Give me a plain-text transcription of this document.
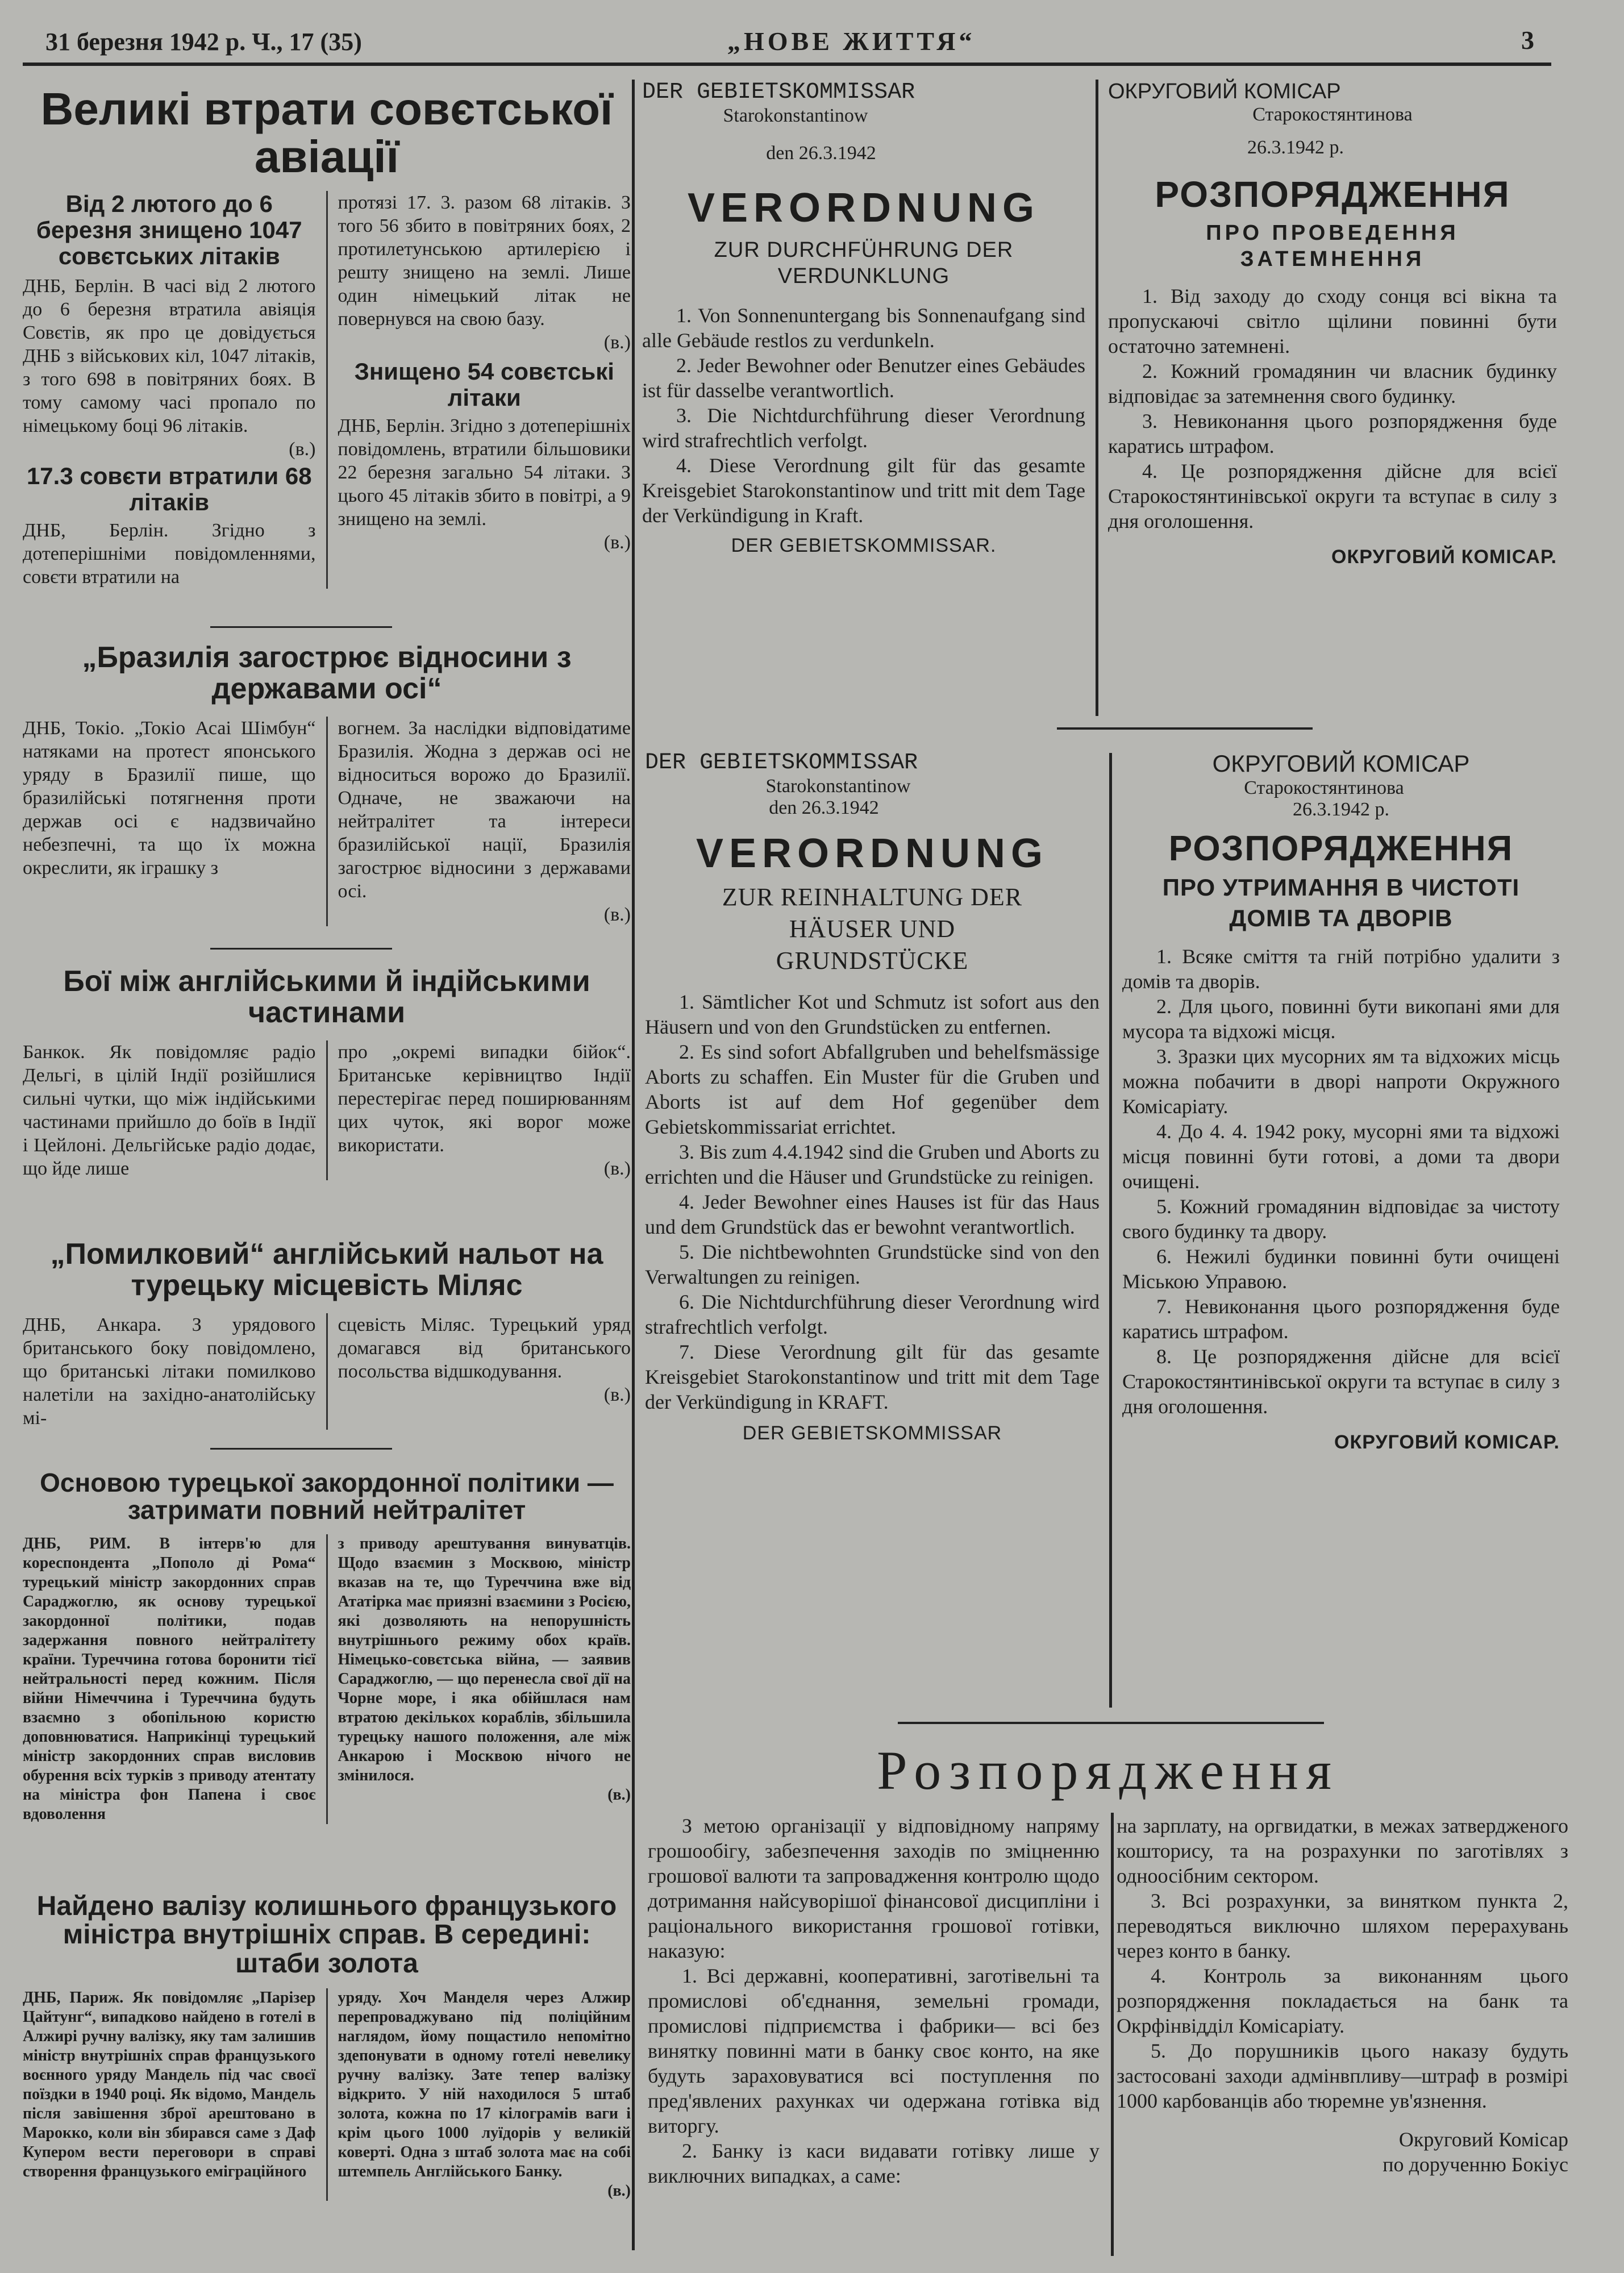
31 березня 1942 р. Ч., 17 (35)	„НОВЕ ЖИТТЯ“	3
Великі втрати совєтської авіації
Від 2 лютого до 6 березня знищено 1047 совєтських літаків

ДНБ, Берлін. В часі від 2 лютого до 6 березня втратила авіяція Совєтів, як про це довідується ДНБ з військових кіл, 1047 літаків, з того 698 в повітряних боях. В тому самому часі пропало по німецькому боці 96 літаків.

(в.)

17.3 совєти втратили 68 літаків

ДНБ, Берлін. Згідно з дотеперішніми повідомленнями, совєти втратили на

протязі 17. 3. разом 68 літаків. З того 56 збито в повітряних боях, 2 протилетунською артилерією і решту знищено на землі. Лише один німецький літак не повернувся на свою базу.

(в.)

Знищено 54 совєтські літаки

ДНБ, Берлін. Згідно з дотеперішніх повідомлень, втратили більшовики 22 березня загально 54 літаки. З цього 45 літаків збито в повітрі, а 9 знищено на землі.

(в.)

„Бразилія загострює відносини з державами осі“

ДНБ, Токіо. „Токіо Асаі Шімбун“ натяками на протест японського уряду в Бразилії пише, що бразилійські потягнення проти держав осі є надзвичайно небезпечні, та що їх можна окреслити, як іграшку з

вогнем. За наслідки відповідатиме Бразилія. Жодна з держав осі не відноситься ворожо до Бразилії. Одначе, не зважаючи на нейтралітет та інтереси бразилійської нації, Бразилія загострює відносини з державами осі.

(в.)

Бої між англійськими й індійськими частинами

Банкок. Як повідомляє радіо Дельгі, в цілій Індії розійшлися сильні чутки, що між індійськими частинами прийшло до боїв в Індії і Цейлоні. Дельгійське радіо додає, що йде лише

про „окремі випадки бійок“. Британське керівництво Індії перестерігає перед поширюванням цих чуток, які ворог може використати.

(в.)

„Помилковий“ англійський нальот на турецьку місцевість Міляс

ДНБ, Анкара. З урядового британського боку повідомлено, що британські літаки помилково налетіли на західно-анатолійську мі-

сцевість Міляс. Турецький уряд домагався від британського посольства відшкодування.

(в.)

Основою турецької закордонної політики — затримати повний нейтралітет

ДНБ, РИМ. В інтерв'ю для кореспондента „Пополо ді Рома“ турецький міністр закордонних справ Сараджоглю, як основу турецької закордонної політики, подав задержання повного нейтралітету країни. Туреччина готова боронити тієї нейтральності перед кожним. Після війни Німеччина і Туреччина будуть взаємно з обопільною користю доповнюватися. Наприкінці турецький міністр закордонних справ висловив обурення всіх турків з приводу атентату на міністра фон Папена і своє вдоволення

з приводу арештування винуватців. Щодо взаємин з Москвою, міністр вказав на те, що Туреччина вже від Ататірка має приязні взаємини з Росією, які дозволяють на непорушність внутрішнього режиму обох країв. Німецько-совєтська війна, — заявив Сараджоглю, — що перенесла свої дії на Чорне море, і яка обійшлася нам втратою декількох кораблів, збільшила турецьку нашого положення, але між Анкарою і Москвою нічого не змінилося.

(в.)

Найдено валізу колишнього французького міністра внутрішніх справ. В середині: штаби золота

ДНБ, Париж. Як повідомляє „Парізер Цайтунг“, випадково найдено в готелі в Алжирі ручну валізку, яку там залишив міністр внутрішніх справ французького воєнного уряду Мандель під час своєї поїздки в 1940 році. Як відомо, Мандель після завішення зброї арештовано в Марокко, коли він збирався саме з Даф Купером вести переговори в справі створення французького еміграційного

уряду. Хоч Манделя через Алжир перепроваджувано під поліційним наглядом, йому пощастило непомітно здепонувати в одному готелі невелику ручну валізку. Зате тепер валізку відкрито. У ній находилося 5 штаб золота, кожна по 17 кілограмів ваги і крім цього 1000 луїдорів у великій коверті. Одна з штаб золота має на собі штемпель Англійського Банку.

(в.)

DER GEBIETSKOMMISSAR
Starokonstantinow
den 26.3.1942
VERORDNUNG
ZUR DURCHFÜHRUNG DER VERDUNKLUNG

1. Von Sonnenuntergang bis Sonnenaufgang sind alle Gebäude restlos zu verdunkeln.

2. Jeder Bewohner oder Benutzer eines Gebäudes ist für dasselbe verantwortlich.

3. Die Nichtdurchführung dieser Verordnung wird strafrechtlich verfolgt.

4. Diese Verordnung gilt für das gesamte Kreisgebiet Starokonstantinow und tritt mit dem Tage der Verkündigung in Kraft.

DER GEBIETSKOMMISSAR.
ОКРУГОВИЙ КОМІСАР
Старокостянтинова
26.3.1942 р.
РОЗПОРЯДЖЕННЯ
ПРО ПРОВЕДЕННЯ ЗАТЕМНЕННЯ

1. Від заходу до сходу сонця всі вікна та пропускаючі світло щілини повинні бути остаточно затемнені.

2. Кожний громадянин чи власник будинку відповідає за затемнення свого будинку.

3. Невиконання цього розпорядження буде каратись штрафом.

4. Це розпорядження дійсне для всієї Старокостянтинівської округи та вступає в силу з дня оголошення.

ОКРУГОВИЙ КОМІСАР.
DER GEBIETSKOMMISSAR
Starokonstantinow
den 26.3.1942
VERORDNUNG
ZUR REINHALTUNG DER HÄUSER UND GRUNDSTÜCKE

1. Sämtlicher Kot und Schmutz ist sofort aus den Häusern und von den Grundstücken zu entfernen.

2. Es sind sofort Abfallgruben und behelfsmässige Aborts zu schaffen. Ein Muster für die Gruben und Aborts ist auf dem Hof gegenüber dem Gebietskommissariat errichtet.

3. Bis zum 4.4.1942 sind die Gruben und Aborts zu errichten und die Häuser und Grundstücke zu reinigen.

4. Jeder Bewohner eines Hauses ist für das Haus und dem Grundstück das er bewohnt verantwortlich.

5. Die nichtbewohnten Grundstücke sind von den Verwaltungen zu reinigen.

6. Die Nichtdurchführung dieser Verordnung wird strafrechtlich verfolgt.

7. Diese Verordnung gilt für das gesamte Kreisgebiet Starokonstantinow und tritt mit dem Tage der Verkündigung in KRAFT.

DER GEBIETSKOMMISSAR
ОКРУГОВИЙ КОМІСАР
Старокостянтинова
26.3.1942 р.
РОЗПОРЯДЖЕННЯ
ПРО УТРИМАННЯ В ЧИСТОТІ ДОМІВ ТА ДВОРІВ

1. Всяке сміття та гній потрібно удалити з домів та дворів.

2. Для цього, повинні бути викопані ями для мусора та відхожі місця.

3. Зразки цих мусорних ям та відхожих місць можна побачити в дворі напроти Окружного Комісаріату.

4. До 4. 4. 1942 року, мусорні ями та відхожі місця повинні бути готові, а доми та двори очищені.

5. Кожний громадянин відповідає за чистоту свого будинку та двору.

6. Нежилі будинки повинні бути очищені Міською Управою.

7. Невиконання цього розпорядження буде каратись штрафом.

8. Це розпорядження дійсне для всієї Старокостянтинівської округи та вступає в силу з дня оголошення.

ОКРУГОВИЙ КОМІСАР.
Розпорядження

З метою організації у відповідному напряму грошообігу, забезпечення заходів по зміцненню грошової валюти та запровадження контролю щодо дотримання найсуворішої фінансової дисципліни і раціонального використання грошової готівки, наказую:

1. Всі державні, кооперативні, заготівельні та промислові об'єднання, земельні громади, промислові підприємства і фабрики— всі без винятку повинні мати в банку своє конто, на яке будуть зараховуватися всі поступлення по пред'явлених рахунках чи одержана готівка від виторгу.

2. Банку із каси видавати готівку лише у виключних випадках, а саме:

на зарплату, на оргвидатки, в межах затвердженого кошторису, та на розрахунки по заготівлях з одноосібним сектором.

3. Всі розрахунки, за винятком пункта 2, переводяться виключно шляхом перерахувань через конто в банку.

4. Контроль за виконанням цього розпорядження покладається на банк та Окрфінвідділ Комісаріату.

5. До порушників цього наказу будуть застосовані заходи адмінвпливу—штраф в розмірі 1000 карбованців або тюремне ув'язнення.

Округовий Комісар
по дорученню Бокіус
